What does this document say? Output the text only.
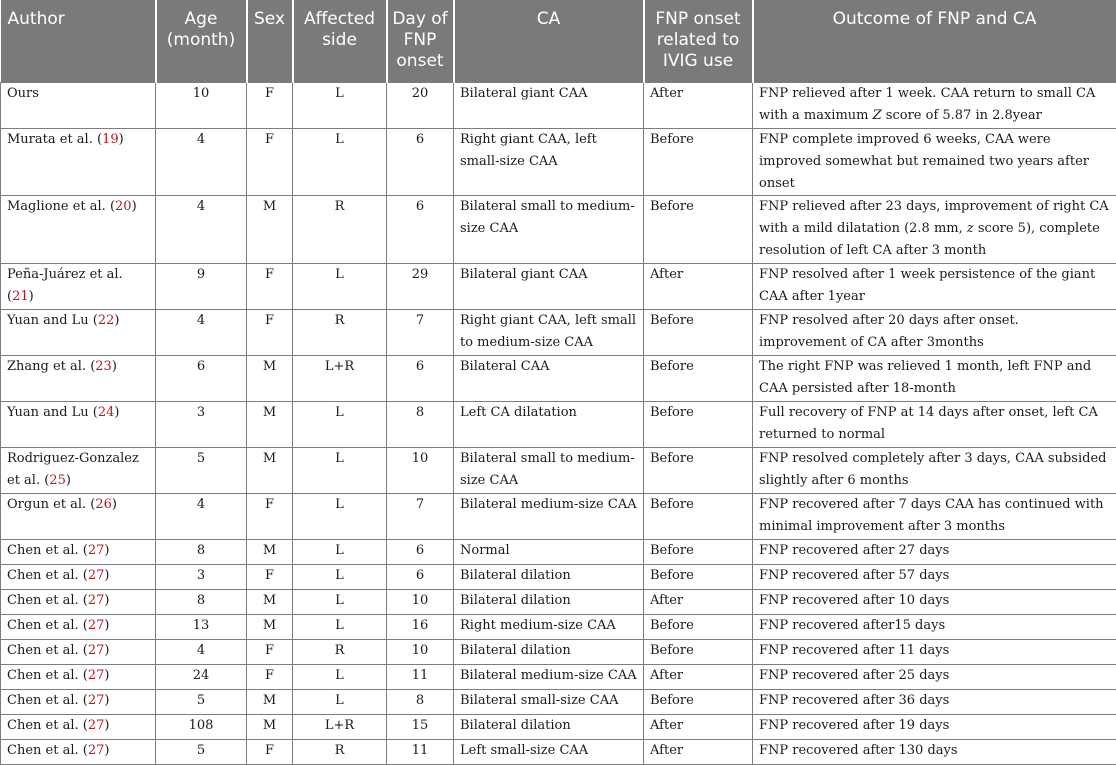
Author	Age (month)	Sex	Affected side	Day of FNP onset	CA	FNP onset related to IVIG use	Outcome of FNP and CA
Ours	10	F	L	20	Bilateral giant CAA	After	FNP relieved after 1 week. CAA return to small CA with a maximum Z score of 5.87 in 2.8year
Murata et al. (19)	4	F	L	6	Right giant CAA, left small-size CAA	Before	FNP complete improved 6 weeks, CAA were improved somewhat but remained two years after onset
Maglione et al. (20)	4	M	R	6	Bilateral small to medium-size CAA	Before	FNP relieved after 23 days, improvement of right CA with a mild dilatation (2.8 mm, z score 5), complete resolution of left CA after 3 month
Peña-Juárez et al. (21)	9	F	L	29	Bilateral giant CAA	After	FNP resolved after 1 week persistence of the giant CAA after 1year
Yuan and Lu (22)	4	F	R	7	Right giant CAA, left small to medium-size CAA	Before	FNP resolved after 20 days after onset. improvement of CA after 3months
Zhang et al. (23)	6	M	L+R	6	Bilateral CAA	Before	The right FNP was relieved 1 month, left FNP and CAA persisted after 18-month
Yuan and Lu (24)	3	M	L	8	Left CA dilatation	Before	Full recovery of FNP at 14 days after onset, left CA returned to normal
Rodriguez-Gonzalez et al. (25)	5	M	L	10	Bilateral small to medium-size CAA	Before	FNP resolved completely after 3 days, CAA subsided slightly after 6 months
Orgun et al. (26)	4	F	L	7	Bilateral medium-size CAA	Before	FNP recovered after 7 days CAA has continued with minimal improvement after 3 months
Chen et al. (27)	8	M	L	6	Normal	Before	FNP recovered after 27 days
Chen et al. (27)	3	F	L	6	Bilateral dilation	Before	FNP recovered after 57 days
Chen et al. (27)	8	M	L	10	Bilateral dilation	After	FNP recovered after 10 days
Chen et al. (27)	13	M	L	16	Right medium-size CAA	Before	FNP recovered after15 days
Chen et al. (27)	4	F	R	10	Bilateral dilation	Before	FNP recovered after 11 days
Chen et al. (27)	24	F	L	11	Bilateral medium-size CAA	After	FNP recovered after 25 days
Chen et al. (27)	5	M	L	8	Bilateral small-size CAA	Before	FNP recovered after 36 days
Chen et al. (27)	108	M	L+R	15	Bilateral dilation	After	FNP recovered after 19 days
Chen et al. (27)	5	F	R	11	Left small-size CAA	After	FNP recovered after 130 days
